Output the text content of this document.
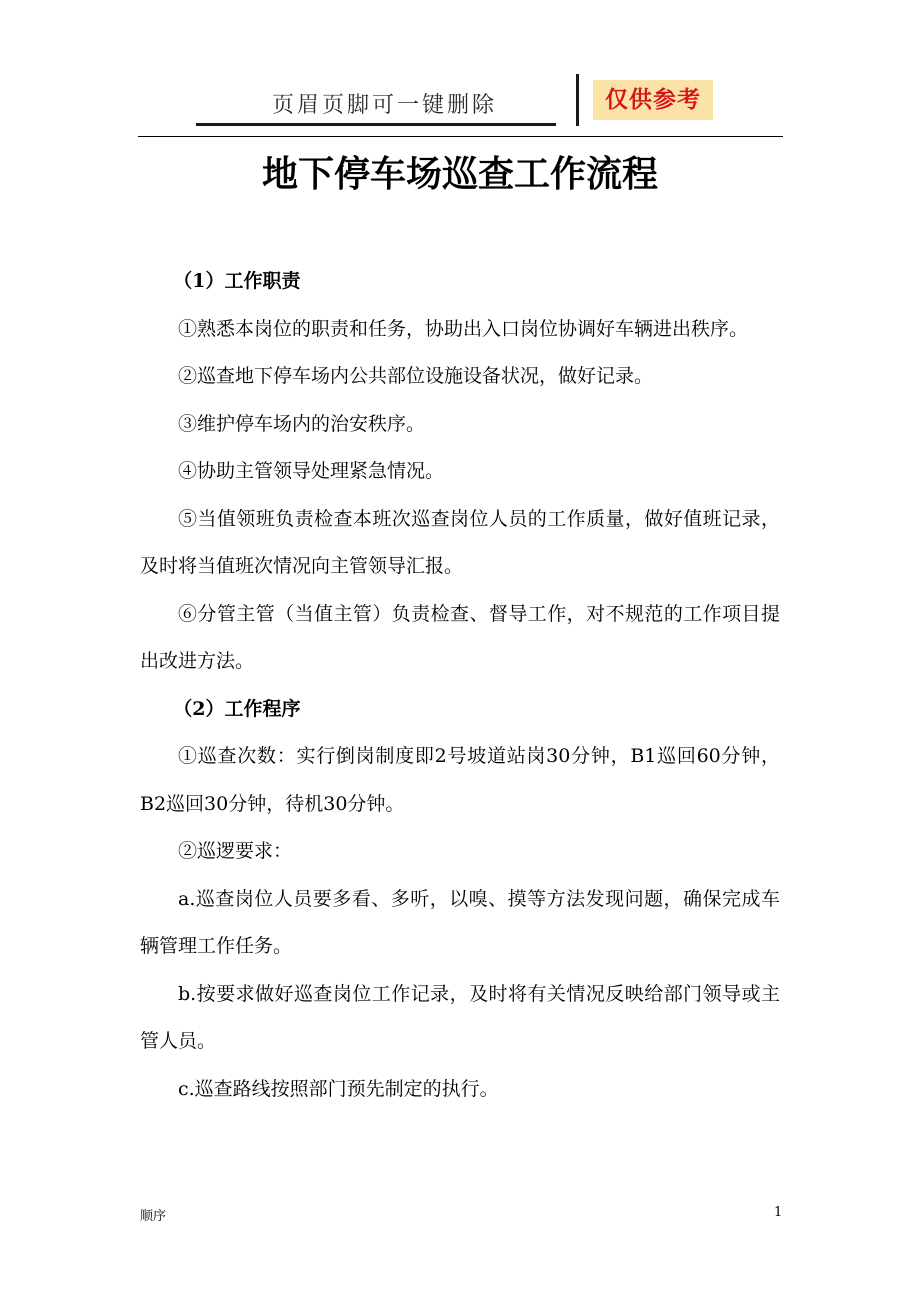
页眉页脚可一键删除	仅供参考
地下停车场巡查工作流程

（1）工作职责

①熟悉本岗位的职责和任务，协助出入口岗位协调好车辆进出秩序。

②巡查地下停车场内公共部位设施设备状况，做好记录。

③维护停车场内的治安秩序。

④协助主管领导处理紧急情况。

⑤当值领班负责检查本班次巡查岗位人员的工作质量，做好值班记录，及时将当值班次情况向主管领导汇报。

⑥分管主管（当值主管）负责检查、督导工作，对不规范的工作项目提出改进方法。

（2）工作程序

①巡查次数：实行倒岗制度即2号坡道站岗30分钟，B1巡回60分钟，B2巡回30分钟，待机30分钟。

②巡逻要求：

a.巡查岗位人员要多看、多听，以嗅、摸等方法发现问题，确保完成车辆管理工作任务。

b.按要求做好巡查岗位工作记录，及时将有关情况反映给部门领导或主管人员。

c.巡查路线按照部门预先制定的执行。

顺序	1
